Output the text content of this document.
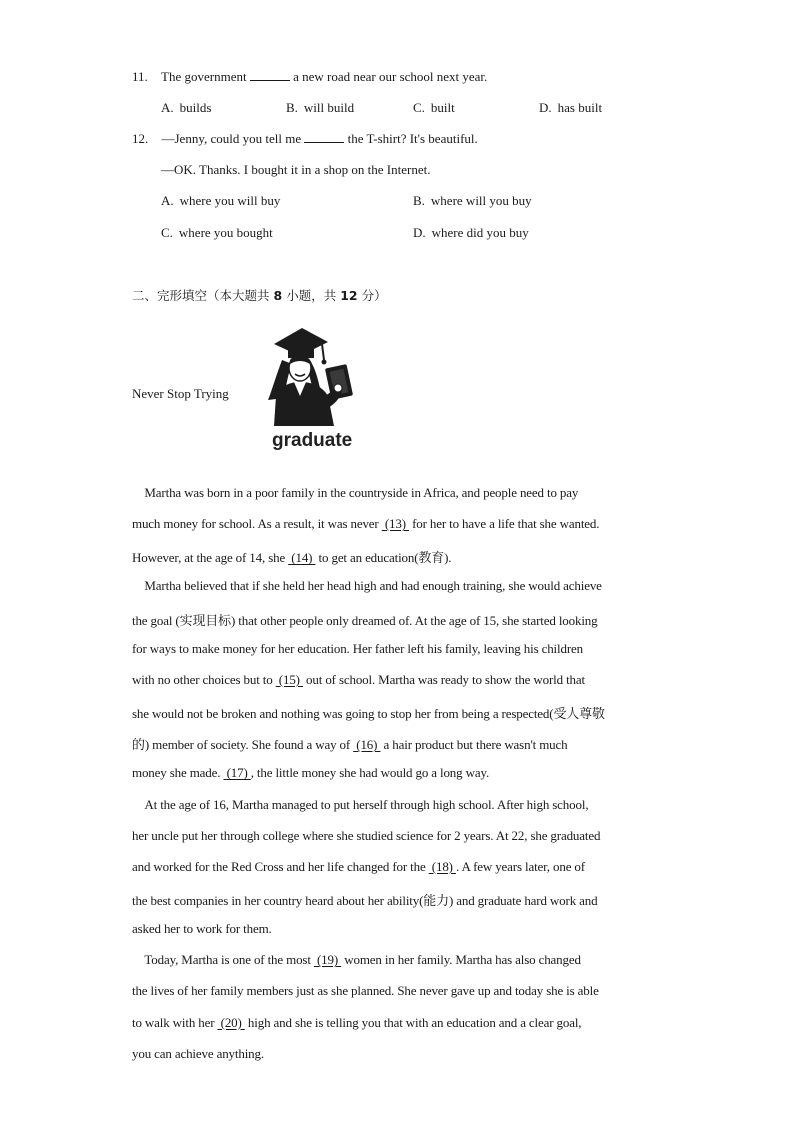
11. The government	a new road near our school next year.
A. builds	B. will build	C. built	D. has built
12. —Jenny, could you tell me	the T-shirt? It's beautiful.
—OK. Thanks. I bought it in a shop on the Internet.
A. where you will buy	B. where will you buy
C. where you bought	D. where did you buy
二、完形填空（本大题共 8 小题，共 12 分）
Never Stop Trying
graduate
Martha was born in a poor family in the countryside in Africa, and people need to pay
much money for school. As a result, it was never  (13)  for her to have a life that she wanted.
However, at the age of 14, she  (14)  to get an education(教育).
Martha believed that if she held her head high and had enough training, she would achieve
the goal (实现目标) that other people only dreamed of. At the age of 15, she started looking
for ways to make money for her education. Her father left his family, leaving his children
with no other choices but to  (15)  out of school. Martha was ready to show the world that
she would not be broken and nothing was going to stop her from being a respected(受人尊敬
的) member of society. She found a way of  (16)  a hair product but there wasn't much
money she made.  (17) , the little money she had would go a long way.
At the age of 16, Martha managed to put herself through high school. After high school,
her uncle put her through college where she studied science for 2 years. At 22, she graduated
and worked for the Red Cross and her life changed for the  (18) . A few years later, one of
the best companies in her country heard about her ability(能力) and graduate hard work and
asked her to work for them.
Today, Martha is one of the most  (19)  women in her family. Martha has also changed
the lives of her family members just as she planned. She never gave up and today she is able
to walk with her  (20)  high and she is telling you that with an education and a clear goal,
you can achieve anything.
